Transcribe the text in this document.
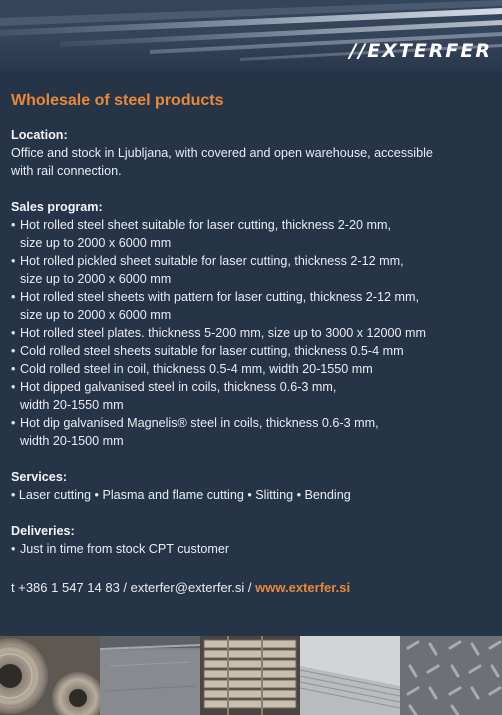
//EXTERFER
Wholesale of steel products
Location:
Office and stock in Ljubljana, with covered and open warehouse, accessible
with rail connection.
Sales program:
• Hot rolled steel sheet suitable for laser cutting, thickness 2-20 mm,
size up to 2000 x 6000 mm
• Hot rolled pickled sheet suitable for laser cutting, thickness 2-12 mm,
size up to 2000 x 6000 mm
• Hot rolled steel sheets with pattern for laser cutting, thickness 2-12 mm,
size up to 2000 x 6000 mm
• Hot rolled steel plates. thickness 5-200 mm, size up to 3000 x 12000 mm
• Cold rolled steel sheets suitable for laser cutting, thickness 0.5-4 mm
• Cold rolled steel in coil, thickness 0.5-4 mm, width 20-1550 mm
• Hot dipped galvanised steel in coils, thickness 0.6-3 mm,
width 20-1550 mm
• Hot dip galvanised Magnelis® steel in coils, thickness 0.6-3 mm,
width 20-1500 mm
Services:
• Laser cutting • Plasma and flame cutting • Slitting • Bending
Deliveries:
• Just in time from stock CPT customer
t +386 1 547 14 83 / exterfer@exterfer.si / www.exterfer.si
